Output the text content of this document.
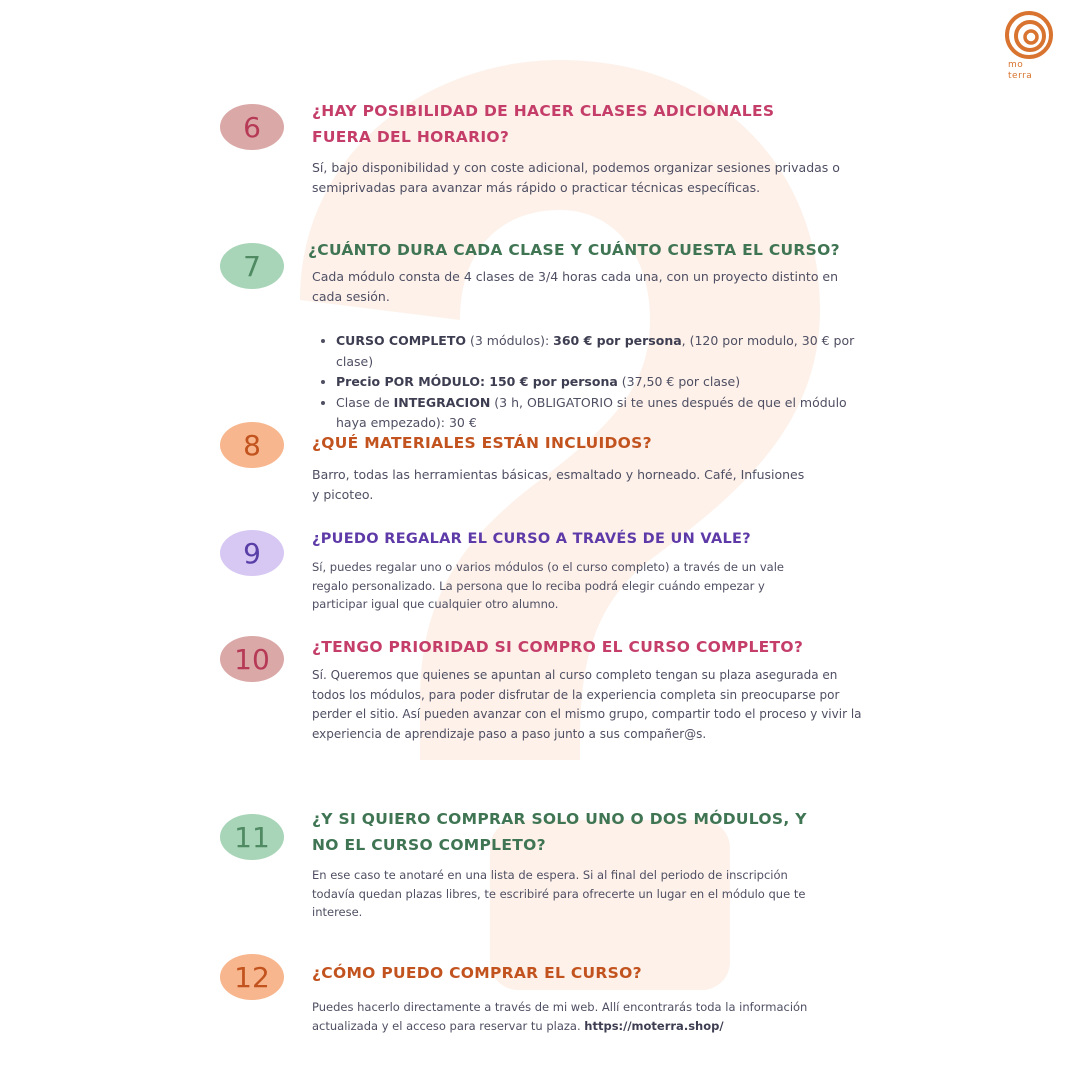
mo
terra
6	¿HAY POSIBILIDAD DE HACER CLASES ADICIONALES FUERA DEL HORARIO?

Sí, bajo disponibilidad y con coste adicional, podemos organizar sesiones privadas o semiprivadas para avanzar más rápido o practicar técnicas específicas.

7	¿CUÁNTO DURA CADA CLASE Y CUÁNTO CUESTA EL CURSO?

Cada módulo consta de 4 clases de 3/4 horas cada una, con un proyecto distinto en cada sesión.

• CURSO COMPLETO (3 módulos): 360 € por persona, (120 por modulo, 30 € por clase)
• Precio POR MÓDULO: 150 € por persona (37,50 € por clase)
• Clase de INTEGRACION (3 h, OBLIGATORIO si te unes después de que el módulo haya empezado): 30 €
8	¿QUÉ MATERIALES ESTÁN INCLUIDOS?

Barro, todas las herramientas básicas, esmaltado y horneado. Café, Infusiones y picoteo.

9	¿PUEDO REGALAR EL CURSO A TRAVÉS DE UN VALE?

Sí, puedes regalar uno o varios módulos (o el curso completo) a través de un vale regalo personalizado. La persona que lo reciba podrá elegir cuándo empezar y participar igual que cualquier otro alumno.

10	¿TENGO PRIORIDAD SI COMPRO EL CURSO COMPLETO?

Sí. Queremos que quienes se apuntan al curso completo tengan su plaza asegurada en todos los módulos, para poder disfrutar de la experiencia completa sin preocuparse por perder el sitio. Así pueden avanzar con el mismo grupo, compartir todo el proceso y vivir la experiencia de aprendizaje paso a paso junto a sus compañer@s.

11
¿Y SI QUIERO COMPRAR SOLO UNO O DOS MÓDULOS, Y NO EL CURSO COMPLETO?

En ese caso te anotaré en una lista de espera. Si al final del periodo de inscripción todavía quedan plazas libres, te escribiré para ofrecerte un lugar en el módulo que te interese.

12	¿CÓMO PUEDO COMPRAR EL CURSO?

Puedes hacerlo directamente a través de mi web. Allí encontrarás toda la información actualizada y el acceso para reservar tu plaza. https://moterra.shop/
